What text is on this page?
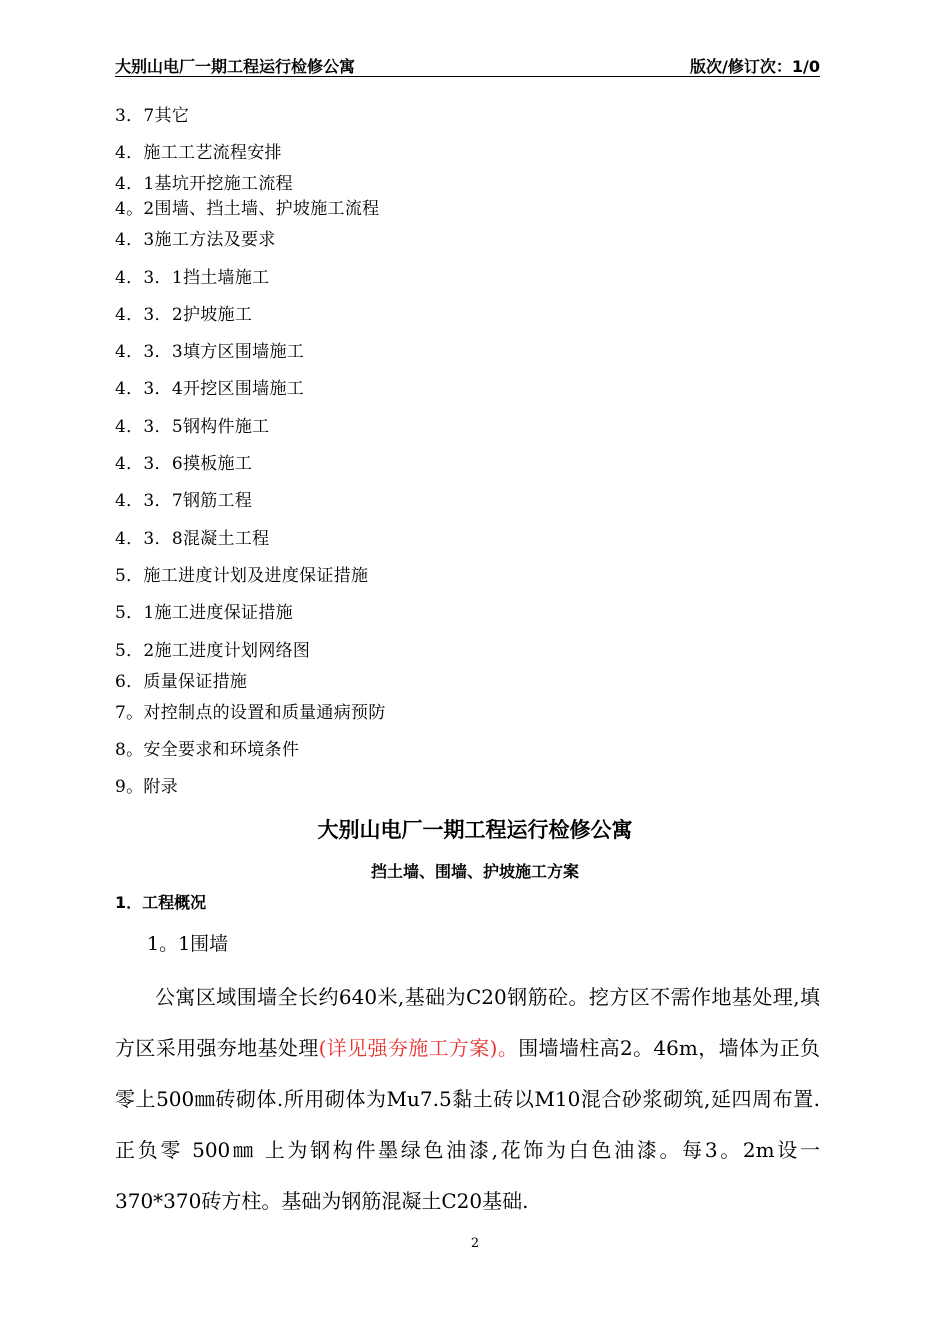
大别山电厂一期工程运行检修公寓	版次/修订次：1/0
3．7其它
4．施工工艺流程安排
4．1基坑开挖施工流程
4。2围墙、挡土墙、护坡施工流程
4．3施工方法及要求
4．3．1挡土墙施工
4．3．2护坡施工
4．3．3填方区围墙施工
4．3．4开挖区围墙施工
4．3．5钢构件施工
4．3．6摸板施工
4．3．7钢筋工程
4．3．8混凝土工程
5．施工进度计划及进度保证措施
5．1施工进度保证措施
5．2施工进度计划网络图
6．质量保证措施
7。对控制点的设置和质量通病预防
8。安全要求和环境条件
9。附录
大别山电厂一期工程运行检修公寓
挡土墙、围墙、护坡施工方案
1．工程概况
1。1围墙
公寓区域围墙全长约640米,基础为C20钢筋砼。挖方区不需作地基处理,填方区采用强夯地基处理(详见强夯施工方案)。围墙墙柱高2。46m，墙体为正负零上500㎜砖砌体.所用砌体为Mu7.5黏土砖以M10混合砂浆砌筑,延四周布置.正负零 500㎜ 上为钢构件墨绿色油漆,花饰为白色油漆。每3。2m设一370*370砖方柱。基础为钢筋混凝土C20基础.
2
